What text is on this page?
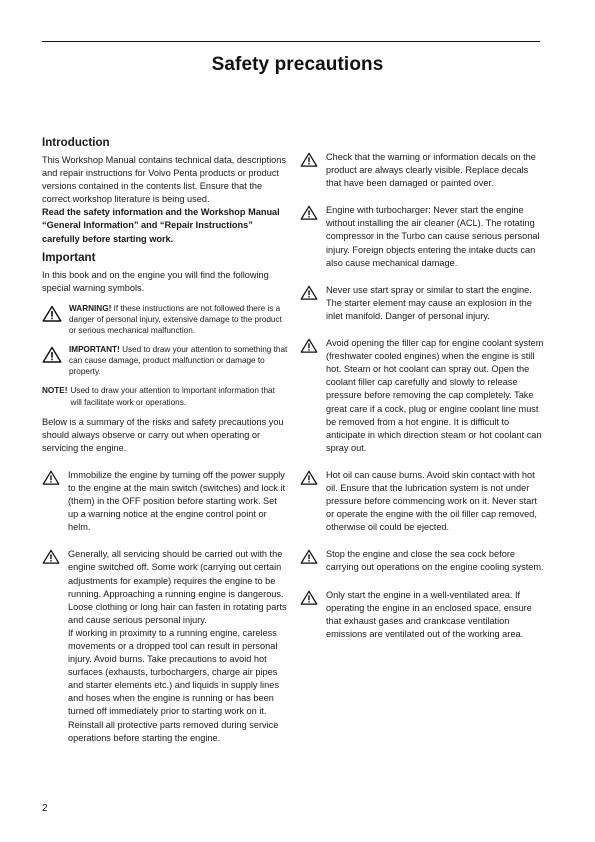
Safety precautions
Introduction

This Workshop Manual contains technical data, descriptions and repair instructions for Volvo Penta products or product versions contained in the contents list. Ensure that the correct workshop literature is being used.

Read the safety information and the Workshop Manual “General Information” and “Repair Instructions” carefully before starting work.

Important

In this book and on the engine you will find the following special warning symbols.

WARNING! If these instructions are not followed there is a danger of personal injury, extensive damage to the product or serious mechanical malfunction.
IMPORTANT! Used to draw your attention to something that can cause damage, product malfunction or damage to property.
NOTE! Used to draw your attention to important information that will facilitate work or operations.

Below is a summary of the risks and safety precautions you should always observe or carry out when operating or servicing the engine.

Immobilize the engine by turning off the power supply to the engine at the main switch (switches) and lock it (them) in the OFF position before starting work. Set up a warning notice at the engine control point or helm.

Generally, all servicing should be carried out with the engine switched off. Some work (carrying out certain adjustments for example) requires the engine to be running. Approaching a running engine is dangerous. Loose clothing or long hair can fasten in rotating parts and cause serious personal injury.

If working in proximity to a running engine, careless movements or a dropped tool can result in personal injury. Avoid burns. Take precautions to avoid hot surfaces (exhausts, turbochargers, charge air pipes and starter elements etc.) and liquids in supply lines and hoses when the engine is running or has been turned off immediately prior to starting work on it. Reinstall all protective parts removed during service operations before starting the engine.

Check that the warning or information decals on the product are always clearly visible. Replace decals that have been damaged or painted over.
Engine with turbocharger: Never start the engine without installing the air cleaner (ACL). The rotating compressor in the Turbo can cause serious personal injury. Foreign objects entering the intake ducts can also cause mechanical damage.
Never use start spray or similar to start the engine. The starter element may cause an explosion in the inlet manifold. Danger of personal injury.
Avoid opening the filler cap for engine coolant system (freshwater cooled engines) when the engine is still hot. Steam or hot coolant can spray out. Open the coolant filler cap carefully and slowly to release pressure before removing the cap completely. Take great care if a cock, plug or engine coolant line must be removed from a hot engine. It is difficult to anticipate in which direction steam or hot coolant can spray out.
Hot oil can cause burns. Avoid skin contact with hot oil. Ensure that the lubrication system is not under pressure before commencing work on it. Never start or operate the engine with the oil filler cap removed, otherwise oil could be ejected.
Stop the engine and close the sea cock before carrying out operations on the engine cooling system.
Only start the engine in a well-ventilated area. If operating the engine in an enclosed space, ensure that exhaust gases and crankcase ventilation emissions are ventilated out of the working area.
2
